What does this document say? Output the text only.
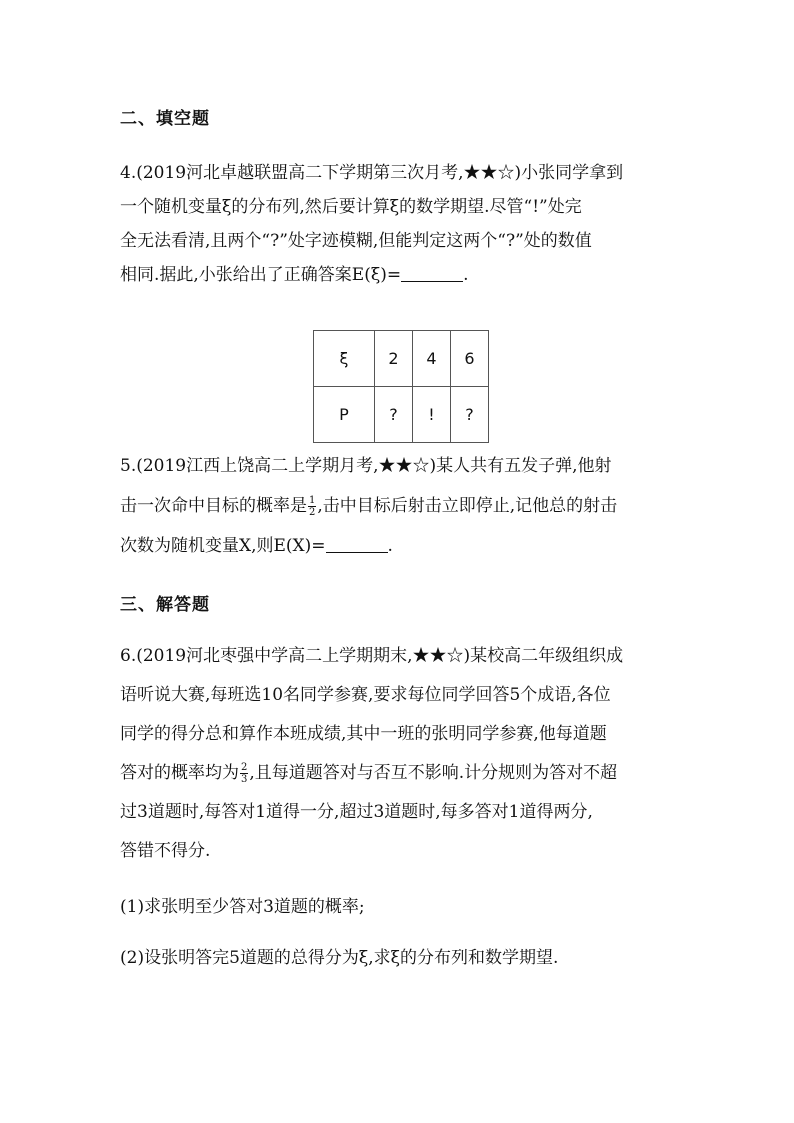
二、填空题
4.(2019河北卓越联盟高二下学期第三次月考,★★☆)小张同学拿到
一个随机变量ξ的分布列,然后要计算ξ的数学期望.尽管“!”处完
全无法看清,且两个“?”处字迹模糊,但能判定这两个“?”处的数值
相同.据此,小张给出了正确答案E(ξ)=	.
ξ	2	4	6
P	?	!	?
5.(2019江西上饶高二上学期月考,★★☆)某人共有五发子弹,他射
击一次命中目标的概率是 $\frac{1}{2}$ ,击中目标后射击立即停止,记他总的射击
次数为随机变量X,则E(X)=	.
三、解答题
6.(2019河北枣强中学高二上学期期末,★★☆)某校高二年级组织成
语听说大赛,每班选10名同学参赛,要求每位同学回答5个成语,各位
同学的得分总和算作本班成绩,其中一班的张明同学参赛,他每道题
答对的概率均为 $\frac{2}{3}$ ,且每道题答对与否互不影响.计分规则为答对不超
过3道题时,每答对1道得一分,超过3道题时,每多答对1道得两分,
答错不得分.
(1)求张明至少答对3道题的概率;
(2)设张明答完5道题的总得分为ξ,求ξ的分布列和数学期望.
